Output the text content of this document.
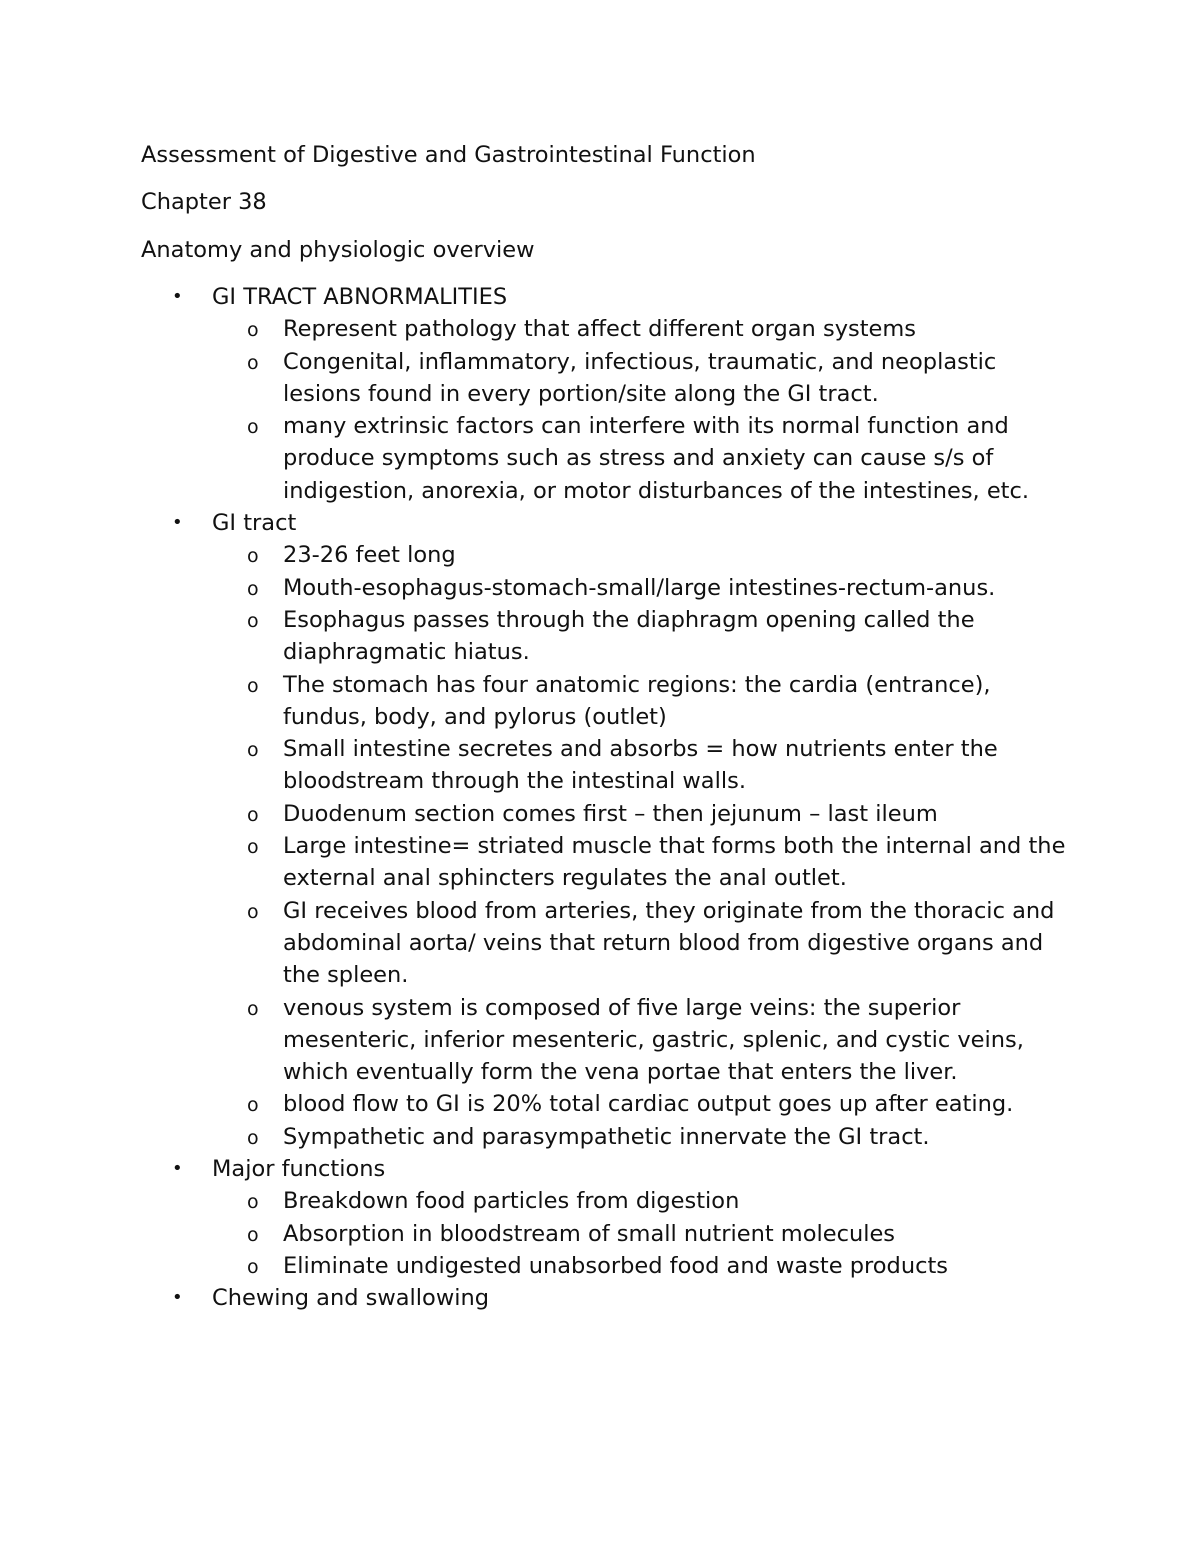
Assessment of Digestive and Gastrointestinal Function

Chapter 38

Anatomy and physiologic overview

•	GI TRACT ABNORMALITIES
o Represent pathology that affect different organ systems
o Congenital, inflammatory, infectious, traumatic, and neoplastic lesions found in every portion/site along the GI tract.
o many extrinsic factors can interfere with its normal function and produce symptoms such as stress and anxiety can cause s/s of indigestion, anorexia, or motor disturbances of the intestines, etc.
•	GI tract
o 23-26 feet long
o Mouth-esophagus-stomach-small/large intestines-rectum-anus.
o Esophagus passes through the diaphragm opening called the diaphragmatic hiatus.
o The stomach has four anatomic regions: the cardia (entrance), fundus, body, and pylorus (outlet)
o Small intestine secretes and absorbs = how nutrients enter the bloodstream through the intestinal walls.
o Duodenum section comes first – then jejunum – last ileum
o Large intestine= striated muscle that forms both the internal and the external anal sphincters regulates the anal outlet.
o GI receives blood from arteries, they originate from the thoracic and abdominal aorta/ veins that return blood from digestive organs and the spleen.
o venous system is composed of five large veins: the superior mesenteric, inferior mesenteric, gastric, splenic, and cystic veins, which eventually form the vena portae that enters the liver.
o blood flow to GI is 20% total cardiac output goes up after eating.
o Sympathetic and parasympathetic innervate the GI tract.
•	Major functions
o Breakdown food particles from digestion
o Absorption in bloodstream of small nutrient molecules
o Eliminate undigested unabsorbed food and waste products
•	Chewing and swallowing
